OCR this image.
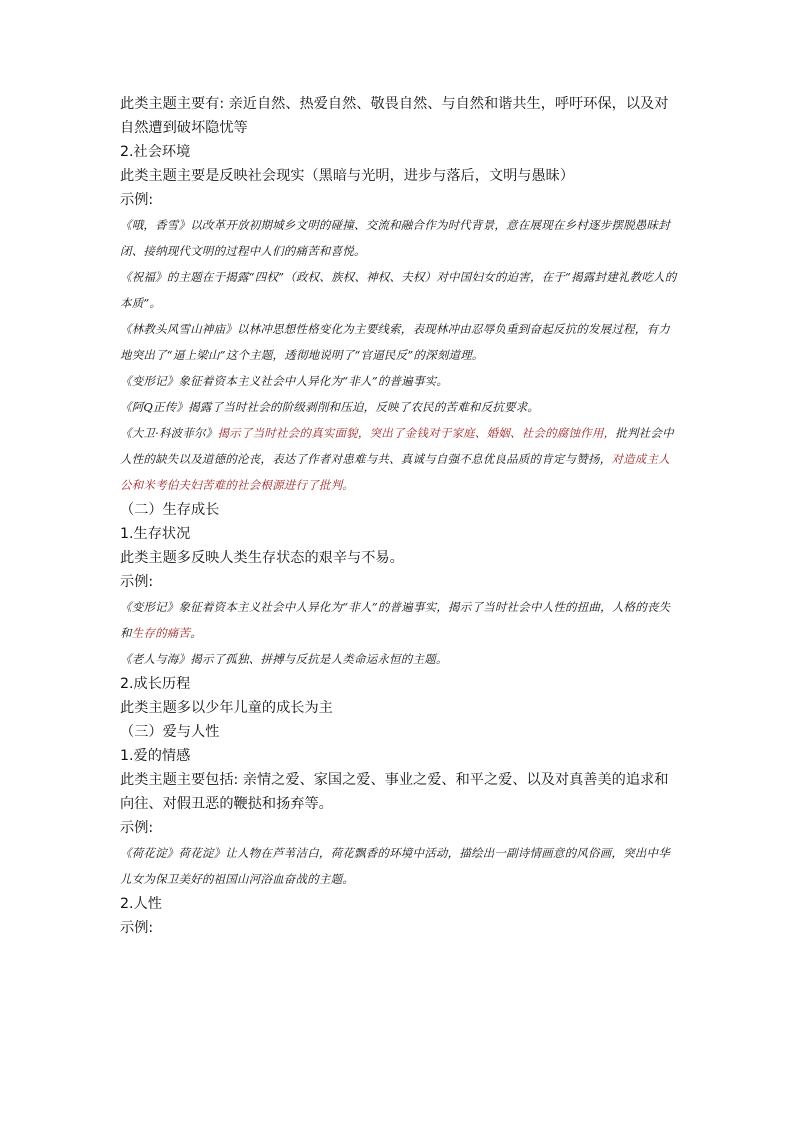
此类主题主要有: 亲近自然、热爱自然、敬畏自然、与自然和谐共生，呼吁环保，以及对自然遭到破坏隐忧等

2.社会环境

此类主题主要是反映社会现实（黑暗与光明，进步与落后，文明与愚昧）

示例:

《哦，香雪》以改革开放初期城乡文明的碰撞、交流和融合作为时代背景，意在展现在乡村逐步摆脱愚昧封闭、接纳现代文明的过程中人们的痛苦和喜悦。

《祝福》的主题在于揭露“四权”（政权、族权、神权、夫权）对中国妇女的迫害，在于“揭露封建礼教吃人的本质”。

《林教头风雪山神庙》以林冲思想性格变化为主要线索，表现林冲由忍辱负重到奋起反抗的发展过程，有力地突出了“逼上梁山”这个主题，透彻地说明了“官逼民反”的深刻道理。

《变形记》象征着资本主义社会中人异化为“非人”的普遍事实。

《阿Q正传》揭露了当时社会的阶级剥削和压迫，反映了农民的苦难和反抗要求。

《大卫·科波菲尔》揭示了当时社会的真实面貌，突出了金钱对于家庭、婚姻、社会的腐蚀作用，批判社会中人性的缺失以及道德的沦丧，表达了作者对患难与共、真诚与自强不息优良品质的肯定与赞扬，对造成主人公和米考伯夫妇苦难的社会根源进行了批判。

（二）生存成长

1.生存状况

此类主题多反映人类生存状态的艰辛与不易。

示例:

《变形记》象征着资本主义社会中人异化为“非人”的普遍事实，揭示了当时社会中人性的扭曲，人格的丧失和生存的痛苦。

《老人与海》揭示了孤独、拼搏与反抗是人类命运永恒的主题。

2.成长历程

此类主题多以少年儿童的成长为主

（三）爱与人性

1.爱的情感

此类主题主要包括: 亲情之爱、家国之爱、事业之爱、和平之爱、以及对真善美的追求和向往、对假丑恶的鞭挞和扬弃等。

示例:

《荷花淀》荷花淀》让人物在芦苇洁白，荷花飘香的环境中活动，描绘出一副诗情画意的风俗画，突出中华儿女为保卫美好的祖国山河浴血奋战的主题。

2.人性

示例:
